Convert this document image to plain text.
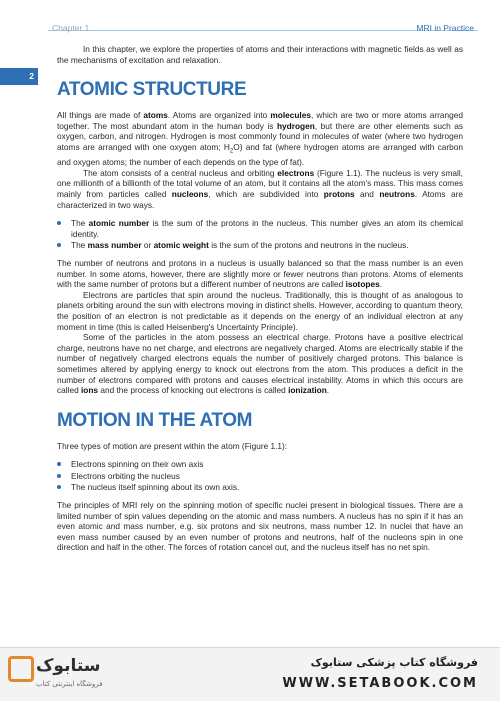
Chapter 1	MRI in Practice
2

In this chapter, we explore the properties of atoms and their interactions with magnetic fields as well as the mechanisms of excitation and relaxation.

ATOMIC STRUCTURE

All things are made of atoms. Atoms are organized into molecules, which are two or more atoms arranged together. The most abundant atom in the human body is hydrogen, but there are other elements such as oxygen, carbon, and nitrogen. Hydrogen is most commonly found in molecules of water (where two hydrogen atoms are arranged with one oxygen atom; $H_2O$) and fat (where hydrogen atoms are arranged with carbon and oxygen atoms; the number of each depends on the type of fat).

The atom consists of a central nucleus and orbiting electrons (Figure 1.1). The nucleus is very small, one millionth of a billionth of the total volume of an atom, but it contains all the atom's mass. This mass comes mainly from particles called nucleons, which are subdivided into protons and neutrons. Atoms are characterized in two ways.

The atomic number is the sum of the protons in the nucleus. This number gives an atom its chemical identity.
The mass number or atomic weight is the sum of the protons and neutrons in the nucleus.

The number of neutrons and protons in a nucleus is usually balanced so that the mass number is an even number. In some atoms, however, there are slightly more or fewer neutrons than protons. Atoms of elements with the same number of protons but a different number of neutrons are called isotopes.

Electrons are particles that spin around the nucleus. Traditionally, this is thought of as analogous to planets orbiting around the sun with electrons moving in distinct shells. However, according to quantum theory, the position of an electron is not predictable as it depends on the energy of an individual electron at any moment in time (this is called Heisenberg's Uncertainty Principle).

Some of the particles in the atom possess an electrical charge. Protons have a positive electrical charge, neutrons have no net charge, and electrons are negatively charged. Atoms are electrically stable if the number of negatively charged electrons equals the number of positively charged protons. This balance is sometimes altered by applying energy to knock out electrons from the atom. This produces a deficit in the number of electrons compared with protons and causes electrical instability. Atoms in which this occurs are called ions and the process of knocking out electrons is called ionization.

MOTION IN THE ATOM

Three types of motion are present within the atom (Figure 1.1):

Electrons spinning on their own axis
Electrons orbiting the nucleus
The nucleus itself spinning about its own axis.

The principles of MRI rely on the spinning motion of specific nuclei present in biological tissues. There are a limited number of spin values depending on the atomic and mass numbers. A nucleus has no spin if it has an even atomic and mass number, e.g. six protons and six neutrons, mass number 12. In nuclei that have an even mass number caused by an even number of protons and neutrons, half of the nucleons spin in one direction and half in the other. The forces of rotation cancel out, and the nucleus itself has no net spin.

ستابوک
فروشگاه اینترنتی کتاب
فروشگاه کتاب پزشکی ستابوک
WWW.SETABOOK.COM
